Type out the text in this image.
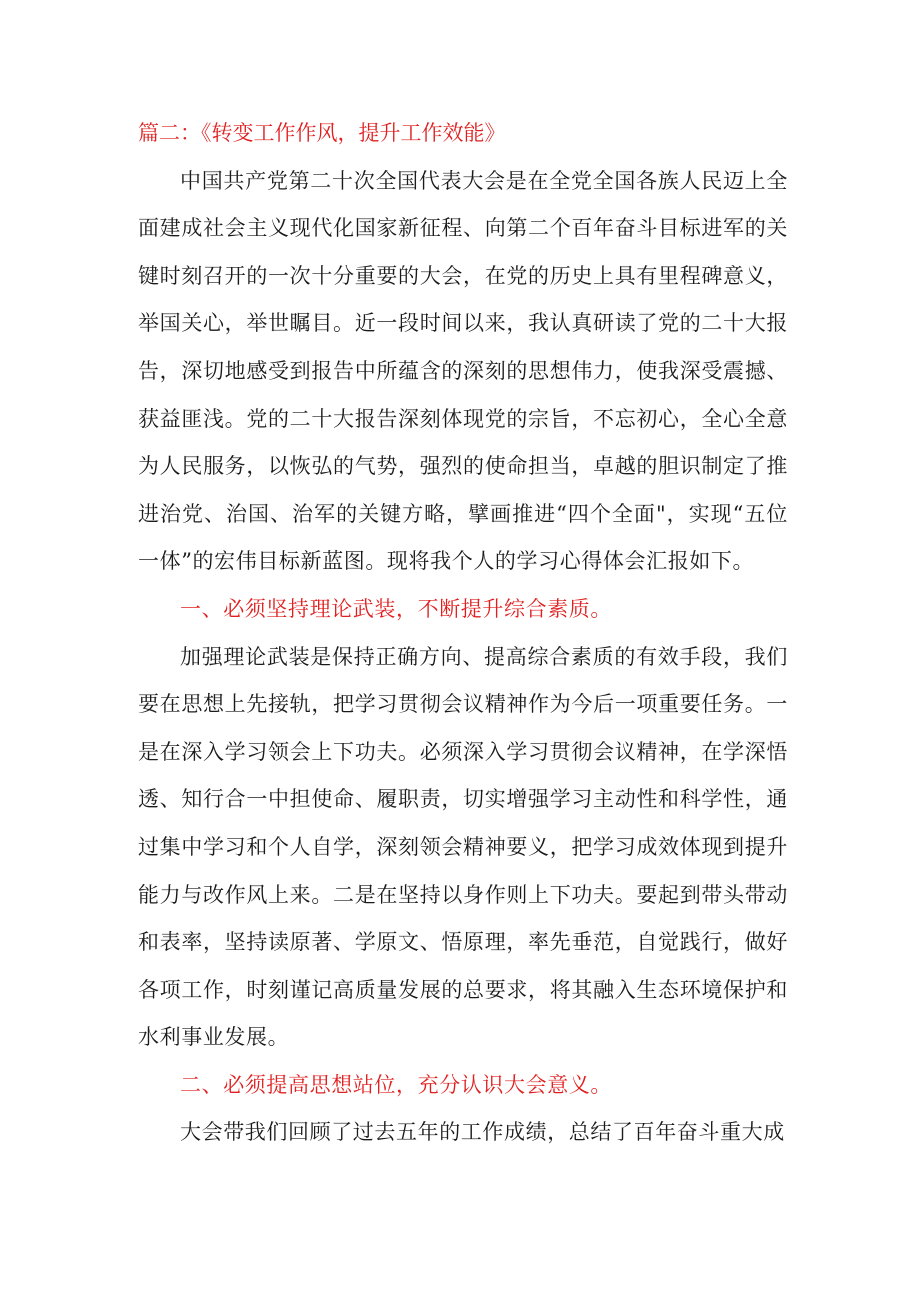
篇二：《转变工作作风，提升工作效能》

中国共产党第二十次全国代表大会是在全党全国各族人民迈上全面建成社会主义现代化国家新征程、向第二个百年奋斗目标进军的关键时刻召开的一次十分重要的大会，在党的历史上具有里程碑意义，举国关心，举世瞩目。近一段时间以来，我认真研读了党的二十大报告，深切地感受到报告中所蕴含的深刻的思想伟力，使我深受震撼、获益匪浅。党的二十大报告深刻体现党的宗旨，不忘初心，全心全意为人民服务，以恢弘的气势，强烈的使命担当，卓越的胆识制定了推进治党、治国、治军的关键方略，擘画推进“四个全面"，实现“五位一体”的宏伟目标新蓝图。现将我个人的学习心得体会汇报如下。

一、必须坚持理论武装，不断提升综合素质。

加强理论武装是保持正确方向、提高综合素质的有效手段，我们要在思想上先接轨，把学习贯彻会议精神作为今后一项重要任务。一是在深入学习领会上下功夫。必须深入学习贯彻会议精神，在学深悟透、知行合一中担使命、履职责，切实增强学习主动性和科学性，通过集中学习和个人自学，深刻领会精神要义，把学习成效体现到提升能力与改作风上来。二是在坚持以身作则上下功夫。要起到带头带动和表率，坚持读原著、学原文、悟原理，率先垂范，自觉践行，做好各项工作，时刻谨记高质量发展的总要求，将其融入生态环境保护和水利事业发展。

二、必须提高思想站位，充分认识大会意义。

大会带我们回顾了过去五年的工作成绩，总结了百年奋斗重大成
